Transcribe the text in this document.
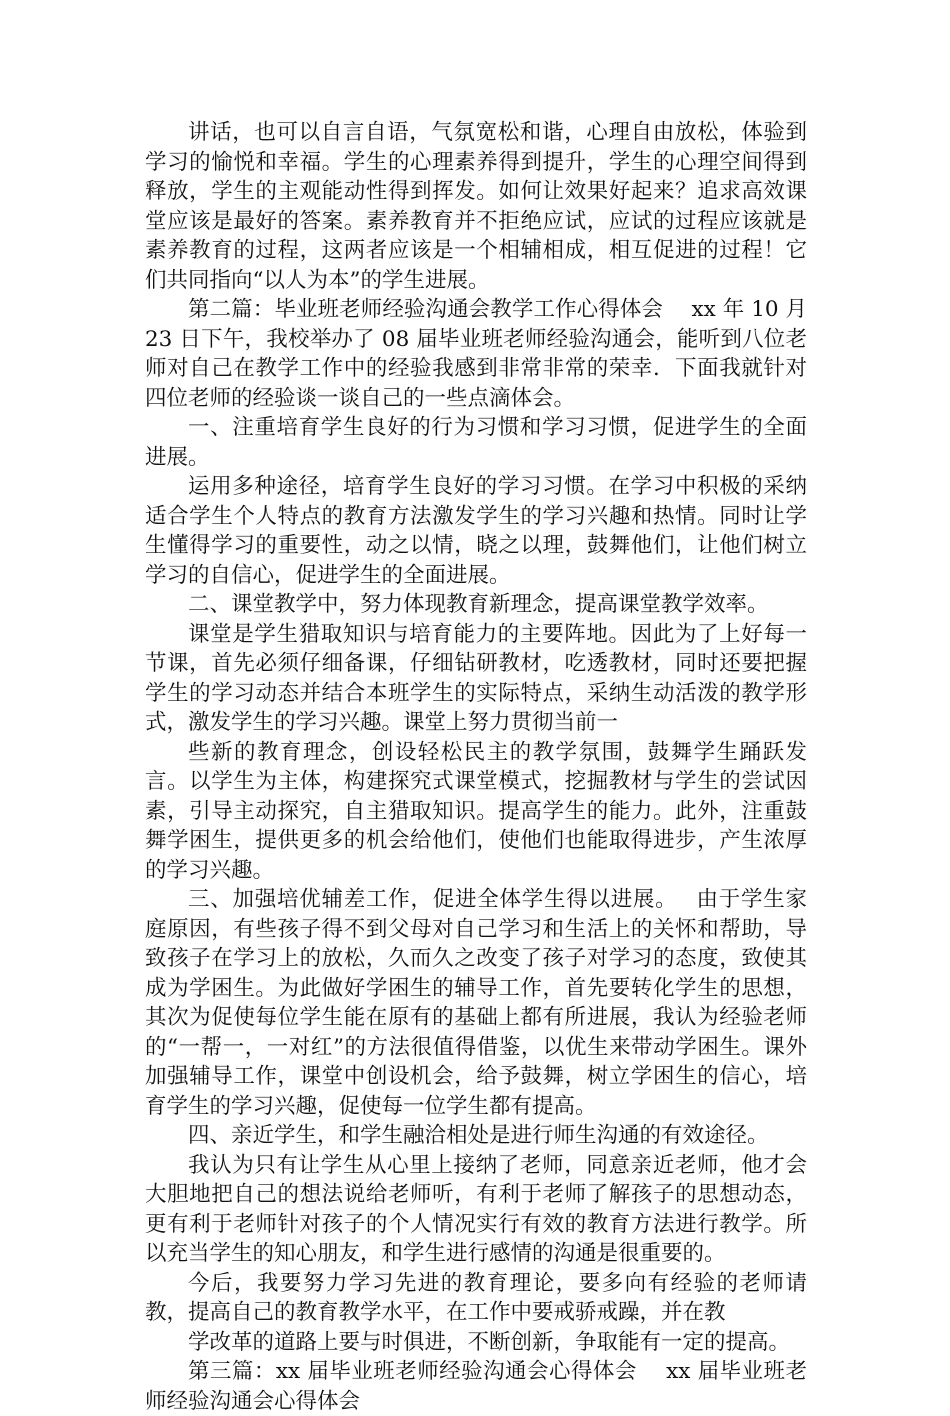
讲话，也可以自言自语，气氛宽松和谐，心理自由放松，体验到学习的愉悦和幸福。学生的心理素养得到提升，学生的心理空间得到释放，学生的主观能动性得到挥发。如何让效果好起来？追求高效课堂应该是最好的答案。素养教育并不拒绝应试，应试的过程应该就是素养教育的过程，这两者应该是一个相辅相成，相互促进的过程！它们共同指向“以人为本”的学生进展。

第二篇：毕业班老师经验沟通会教学工作心得体会　 xx 年 10 月 23 日下午，我校举办了 08 届毕业班老师经验沟通会，能听到八位老师对自己在教学工作中的经验我感到非常非常的荣幸．下面我就针对四位老师的经验谈一谈自己的一些点滴体会。

一、注重培育学生良好的行为习惯和学习习惯，促进学生的全面进展。

运用多种途径，培育学生良好的学习习惯。在学习中积极的采纳适合学生个人特点的教育方法激发学生的学习兴趣和热情。同时让学生懂得学习的重要性，动之以情，晓之以理，鼓舞他们，让他们树立学习的自信心，促进学生的全面进展。

二、课堂教学中，努力体现教育新理念，提高课堂教学效率。

课堂是学生猎取知识与培育能力的主要阵地。因此为了上好每一节课，首先必须仔细备课，仔细钻研教材，吃透教材，同时还要把握学生的学习动态并结合本班学生的实际特点，采纳生动活泼的教学形式，激发学生的学习兴趣。课堂上努力贯彻当前一

些新的教育理念，创设轻松民主的教学氛围，鼓舞学生踊跃发言。以学生为主体，构建探究式课堂模式，挖掘教材与学生的尝试因素，引导主动探究，自主猎取知识。提高学生的能力。此外，注重鼓舞学困生，提供更多的机会给他们，使他们也能取得进步，产生浓厚的学习兴趣。

三、加强培优辅差工作，促进全体学生得以进展。　 由于学生家庭原因，有些孩子得不到父母对自己学习和生活上的关怀和帮助，导致孩子在学习上的放松，久而久之改变了孩子对学习的态度，致使其成为学困生。为此做好学困生的辅导工作，首先要转化学生的思想，其次为促使每位学生能在原有的基础上都有所进展，我认为经验老师的“一帮一，一对红”的方法很值得借鉴，以优生来带动学困生。课外加强辅导工作，课堂中创设机会，给予鼓舞，树立学困生的信心，培育学生的学习兴趣，促使每一位学生都有提高。

四、亲近学生，和学生融洽相处是进行师生沟通的有效途径。

我认为只有让学生从心里上接纳了老师，同意亲近老师，他才会大胆地把自己的想法说给老师听，有利于老师了解孩子的思想动态，更有利于老师针对孩子的个人情况实行有效的教育方法进行教学。所以充当学生的知心朋友，和学生进行感情的沟通是很重要的。

今后，我要努力学习先进的教育理论，要多向有经验的老师请教，提高自己的教育教学水平，在工作中要戒骄戒躁，并在教

学改革的道路上要与时俱进，不断创新，争取能有一定的提高。

第三篇：xx 届毕业班老师经验沟通会心得体会　 xx 届毕业班老师经验沟通会心得体会
